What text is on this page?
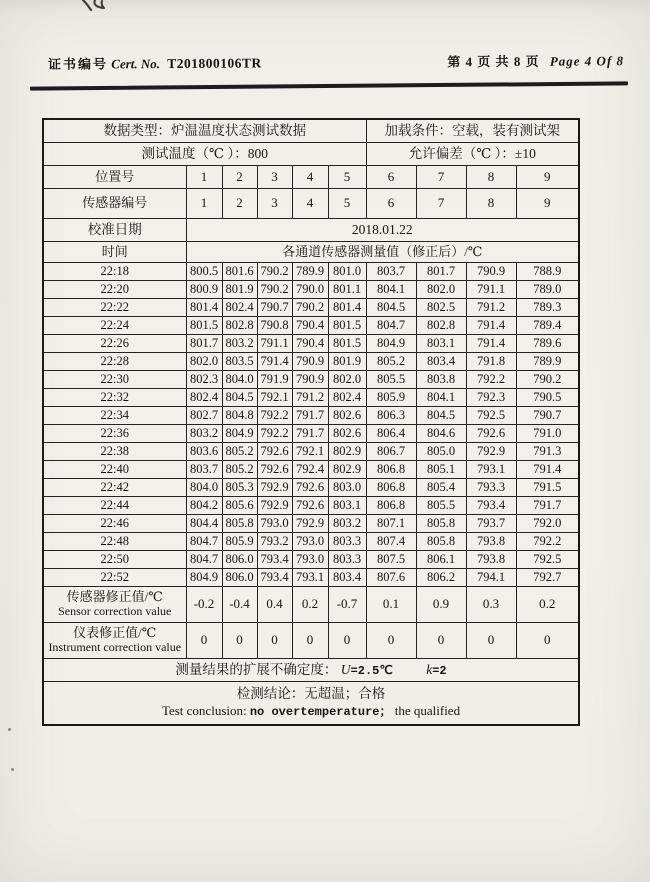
证书编号 Cert. No. T201800106TR	第 4 页 共 8 页 Page 4 Of 8
数据类型：炉温温度状态测试数据						加载条件：空载，装有测试架			
测试温度（℃ ）：800						允许偏差（℃ ）：±10			
位置号	1	2	3	4	5	6	7	8	9
传感器编号	1	2	3	4	5	6	7	8	9
校准日期	2018.01.22								
时间	各通道传感器测量值（修正后）/℃								
22:18	800.5	801.6	790.2	789.9	801.0	803.7	801.7	790.9	788.9
22:20	800.9	801.9	790.2	790.0	801.1	804.1	802.0	791.1	789.0
22:22	801.4	802.4	790.7	790.2	801.4	804.5	802.5	791.2	789.3
22:24	801.5	802.8	790.8	790.4	801.5	804.7	802.8	791.4	789.4
22:26	801.7	803.2	791.1	790.4	801.5	804.9	803.1	791.4	789.6
22:28	802.0	803.5	791.4	790.9	801.9	805.2	803.4	791.8	789.9
22:30	802.3	804.0	791.9	790.9	802.0	805.5	803.8	792.2	790.2
22:32	802.4	804.5	792.1	791.2	802.4	805.9	804.1	792.3	790.5
22:34	802.7	804.8	792.2	791.7	802.6	806.3	804.5	792.5	790.7
22:36	803.2	804.9	792.2	791.7	802.6	806.4	804.6	792.6	791.0
22:38	803.6	805.2	792.6	792.1	802.9	806.7	805.0	792.9	791.3
22:40	803.7	805.2	792.6	792.4	802.9	806.8	805.1	793.1	791.4
22:42	804.0	805.3	792.9	792.6	803.0	806.8	805.4	793.3	791.5
22:44	804.2	805.6	792.9	792.6	803.1	806.8	805.5	793.4	791.7
22:46	804.4	805.8	793.0	792.9	803.2	807.1	805.8	793.7	792.0
22:48	804.7	805.9	793.2	793.0	803.3	807.4	805.8	793.8	792.2
22:50	804.7	806.0	793.4	793.0	803.3	807.5	806.1	793.8	792.5
22:52	804.9	806.0	793.4	793.1	803.4	807.6	806.2	794.1	792.7

传感器修正值/℃
Sensor correction value	-0.2	-0.4	0.4	0.2	-0.7	0.1	0.9	0.3	0.2

仪表修正值/℃
Instrument correction value	0	0	0	0	0	0	0	0	0
测量结果的扩展不确定度： U=2.5℃ k=2									

检测结论：无超温；合格
Test conclusion: no overtemperature； the qualified									
